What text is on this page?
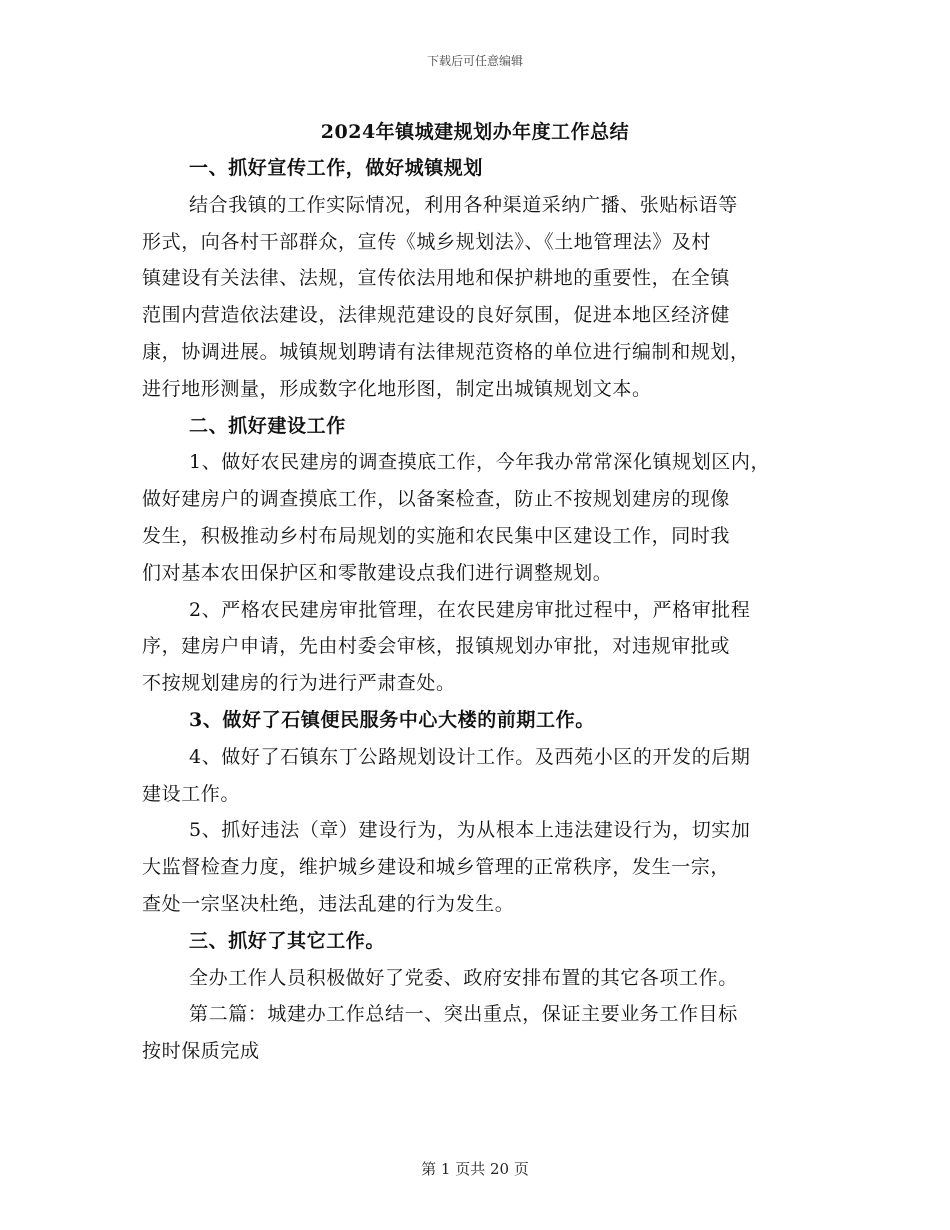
下载后可任意编辑
2024年镇城建规划办年度工作总结
一、抓好宣传工作，做好城镇规划
结合我镇的工作实际情况，利用各种渠道采纳广播、张贴标语等
形式，向各村干部群众，宣传《城乡规划法》、《土地管理法》及村
镇建设有关法律、法规，宣传依法用地和保护耕地的重要性，在全镇
范围内营造依法建设，法律规范建设的良好氛围，促进本地区经济健
康，协调进展。城镇规划聘请有法律规范资格的单位进行编制和规划，
进行地形测量，形成数字化地形图，制定出城镇规划文本。
二、抓好建设工作
1、做好农民建房的调查摸底工作，今年我办常常深化镇规划区内，
做好建房户的调查摸底工作，以备案检查，防止不按规划建房的现像
发生，积极推动乡村布局规划的实施和农民集中区建设工作，同时我
们对基本农田保护区和零散建设点我们进行调整规划。
2、严格农民建房审批管理，在农民建房审批过程中，严格审批程
序，建房户申请，先由村委会审核，报镇规划办审批，对违规审批或
不按规划建房的行为进行严肃查处。
3、做好了石镇便民服务中心大楼的前期工作。
4、做好了石镇东丁公路规划设计工作。及西苑小区的开发的后期
建设工作。
5、抓好违法（章）建设行为，为从根本上违法建设行为，切实加
大监督检查力度，维护城乡建设和城乡管理的正常秩序，发生一宗，
查处一宗坚决杜绝，违法乱建的行为发生。
三、抓好了其它工作。
全办工作人员积极做好了党委、政府安排布置的其它各项工作。
第二篇：城建办工作总结一、突出重点，保证主要业务工作目标
按时保质完成
第 1 页共 20 页
